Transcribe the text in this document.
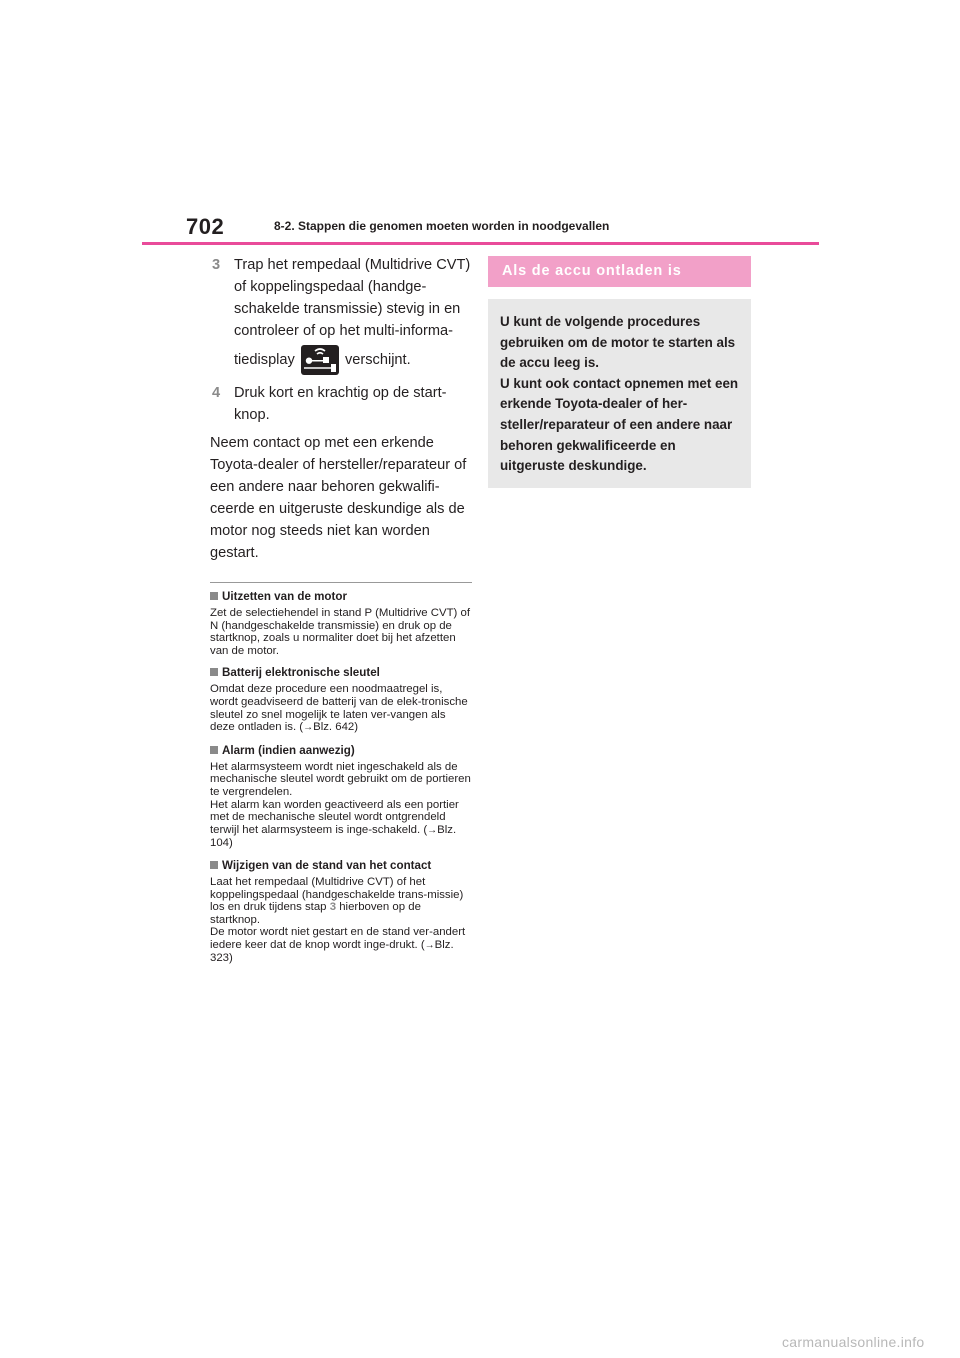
702	8-2. Stappen die genomen moeten worden in noodgevallen
3 Trap het rempedaal (Multidrive CVT) of koppelingspedaal (handge-schakelde transmissie) stevig in en controleer of op het multi-informa- tiedisplay	verschijnt.
4 Druk kort en krachtig op de start-knop.
Neem contact op met een erkende Toyota-dealer of hersteller/reparateur of een andere naar behoren gekwalifi-ceerde en uitgeruste deskundige als de motor nog steeds niet kan worden gestart.
Uitzetten van de motor
Zet de selectiehendel in stand P (Multidrive CVT) of N (handgeschakelde transmissie) en druk op de startknop, zoals u normaliter doet bij het afzetten van de motor.
Batterij elektronische sleutel
Omdat deze procedure een noodmaatregel is, wordt geadviseerd de batterij van de elek-tronische sleutel zo snel mogelijk te laten ver-vangen als deze ontladen is. (→Blz. 642)
Alarm (indien aanwezig)
Het alarmsysteem wordt niet ingeschakeld als de mechanische sleutel wordt gebruikt om de portieren te vergrendelen.
Het alarm kan worden geactiveerd als een portier met de mechanische sleutel wordt ontgrendeld terwijl het alarmsysteem is inge-schakeld. (→Blz. 104)
Wijzigen van de stand van het contact
Laat het rempedaal (Multidrive CVT) of het koppelingspedaal (handgeschakelde trans-missie) los en druk tijdens stap 3 hierboven op de startknop.
De motor wordt niet gestart en de stand ver-andert iedere keer dat de knop wordt inge-drukt. (→Blz. 323)
Als de accu ontladen is

U kunt de volgende procedures gebruiken om de motor te starten als de accu leeg is.

U kunt ook contact opnemen met een erkende Toyota-dealer of her-steller/reparateur of een andere naar behoren gekwalificeerde en uitgeruste deskundige.

carmanualsonline.info
